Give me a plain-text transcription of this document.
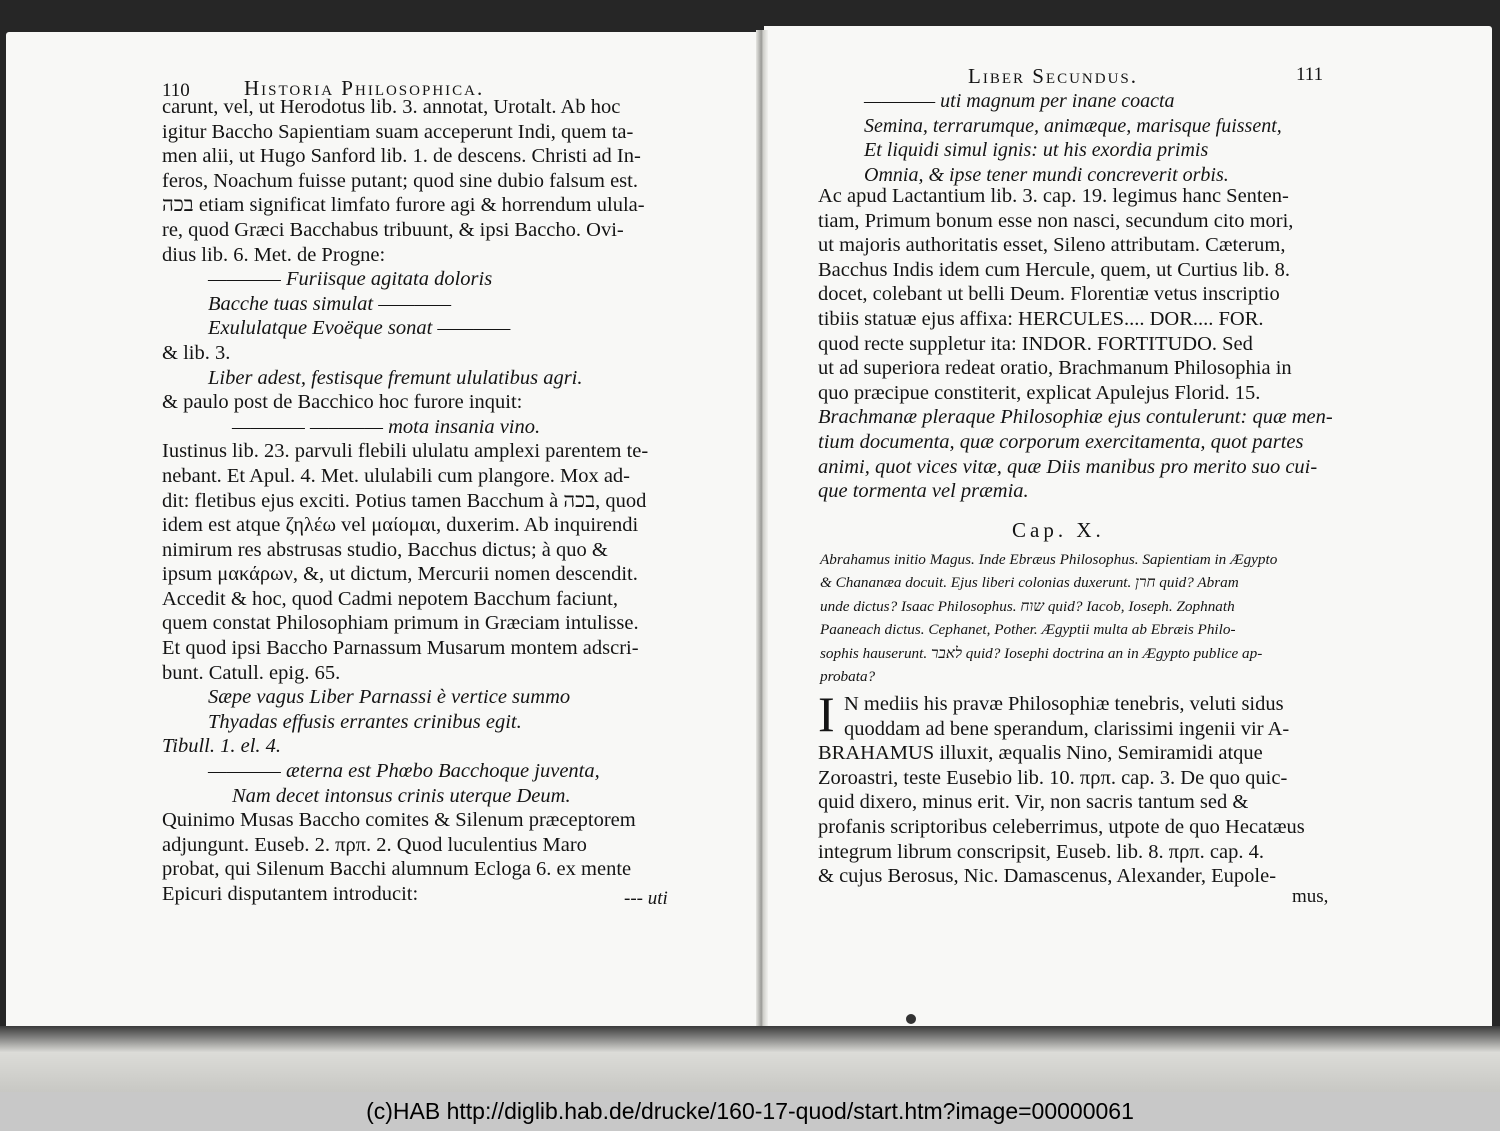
110	Historia Philosophica.
carunt, vel, ut Herodotus lib. 3. annotat, Urotalt. Ab hoc
igitur Baccho Sapientiam suam acceperunt Indi, quem ta-
men alii, ut Hugo Sanford lib. 1. de descens. Christi ad In-
feros, Noachum fuisse putant; quod sine dubio falsum est.
בכה etiam significat limfato furore agi & horrendum ulula-
re, quod Græci Bacchabus tribuunt, & ipsi Baccho. Ovi-
dius lib. 6. Met. de Progne:
———— Furiisque agitata doloris
Bacche tuas simulat ————
Exululatque Evoëque sonat ————
& lib. 3.
Liber adest, festisque fremunt ululatibus agri.
& paulo post de Bacchico hoc furore inquit:
———— ———— mota insania vino.
Iustinus lib. 23. parvuli flebili ululatu amplexi parentem te-
nebant. Et Apul. 4. Met. ululabili cum plangore. Mox ad-
dit: fletibus ejus exciti. Potius tamen Bacchum à בכה, quod
idem est atque ζηλέω vel μαίομαι, duxerim. Ab inquirendi
nimirum res abstrusas studio, Bacchus dictus; à quo &
ipsum μακάρων, &, ut dictum, Mercurii nomen descendit.
Accedit & hoc, quod Cadmi nepotem Bacchum faciunt,
quem constat Philosophiam primum in Græciam intulisse.
Et quod ipsi Baccho Parnassum Musarum montem adscri-
bunt. Catull. epig. 65.
Sæpe vagus Liber Parnassi è vertice summo
Thyadas effusis errantes crinibus egit.
Tibull. 1. el. 4.
———— æterna est Phœbo Bacchoque juventa,
Nam decet intonsus crinis uterque Deum.
Quinimo Musas Baccho comites & Silenum præceptorem
adjungunt. Euseb. 2. πρπ. 2. Quod luculentius Maro
probat, qui Silenum Bacchi alumnum Ecloga 6. ex mente
Epicuri disputantem introducit:	--- uti
Liber Secundus.	111
———— uti magnum per inane coacta
Semina, terrarumque, animæque, marisque fuissent,
Et liquidi simul ignis: ut his exordia primis
Omnia, & ipse tener mundi concreverit orbis.
Ac apud Lactantium lib. 3. cap. 19. legimus hanc Senten-
tiam, Primum bonum esse non nasci, secundum cito mori,
ut majoris authoritatis esset, Sileno attributam. Cæterum,
Bacchus Indis idem cum Hercule, quem, ut Curtius lib. 8.
docet, colebant ut belli Deum. Florentiæ vetus inscriptio
tibiis statuæ ejus affixa: HERCULES.... DOR.... FOR.
quod recte suppletur ita: INDOR. FORTITUDO. Sed
ut ad superiora redeat oratio, Brachmanum Philosophia in
quo præcipue constiterit, explicat Apulejus Florid. 15.
Brachmanæ pleraque Philosophiæ ejus contulerunt: quæ men-
tium documenta, quæ corporum exercitamenta, quot partes
animi, quot vices vitæ, quæ Diis manibus pro merito suo cui-
que tormenta vel præmia.
Cap. X.
Abrahamus initio Magus. Inde Ebræus Philosophus. Sapientiam in Ægypto
& Chananæa docuit. Ejus liberi colonias duxerunt. חרן quid? Abram
unde dictus? Isaac Philosophus. שוח quid? Iacob, Ioseph. Zophnath
Paaneach dictus. Cephanet, Pother. Ægyptii multa ab Ebræis Philo-
sophis hauserunt. לאבר quid? Iosephi doctrina an in Ægypto publice ap-
probata?
I N mediis his pravæ Philosophiæ tenebris, veluti sidus
quoddam ad bene sperandum, clarissimi ingenii vir A-
BRAHAMUS illuxit, æqualis Nino, Semiramidi atque
Zoroastri, teste Eusebio lib. 10. πρπ. cap. 3. De quo quic-
quid dixero, minus erit. Vir, non sacris tantum sed &
profanis scriptoribus celeberrimus, utpote de quo Hecatæus
integrum librum conscripsit, Euseb. lib. 8. πρπ. cap. 4.
& cujus Berosus, Nic. Damascenus, Alexander, Eupole-
mus,
(c)HAB http://diglib.hab.de/drucke/160-17-quod/start.htm?image=00000061
